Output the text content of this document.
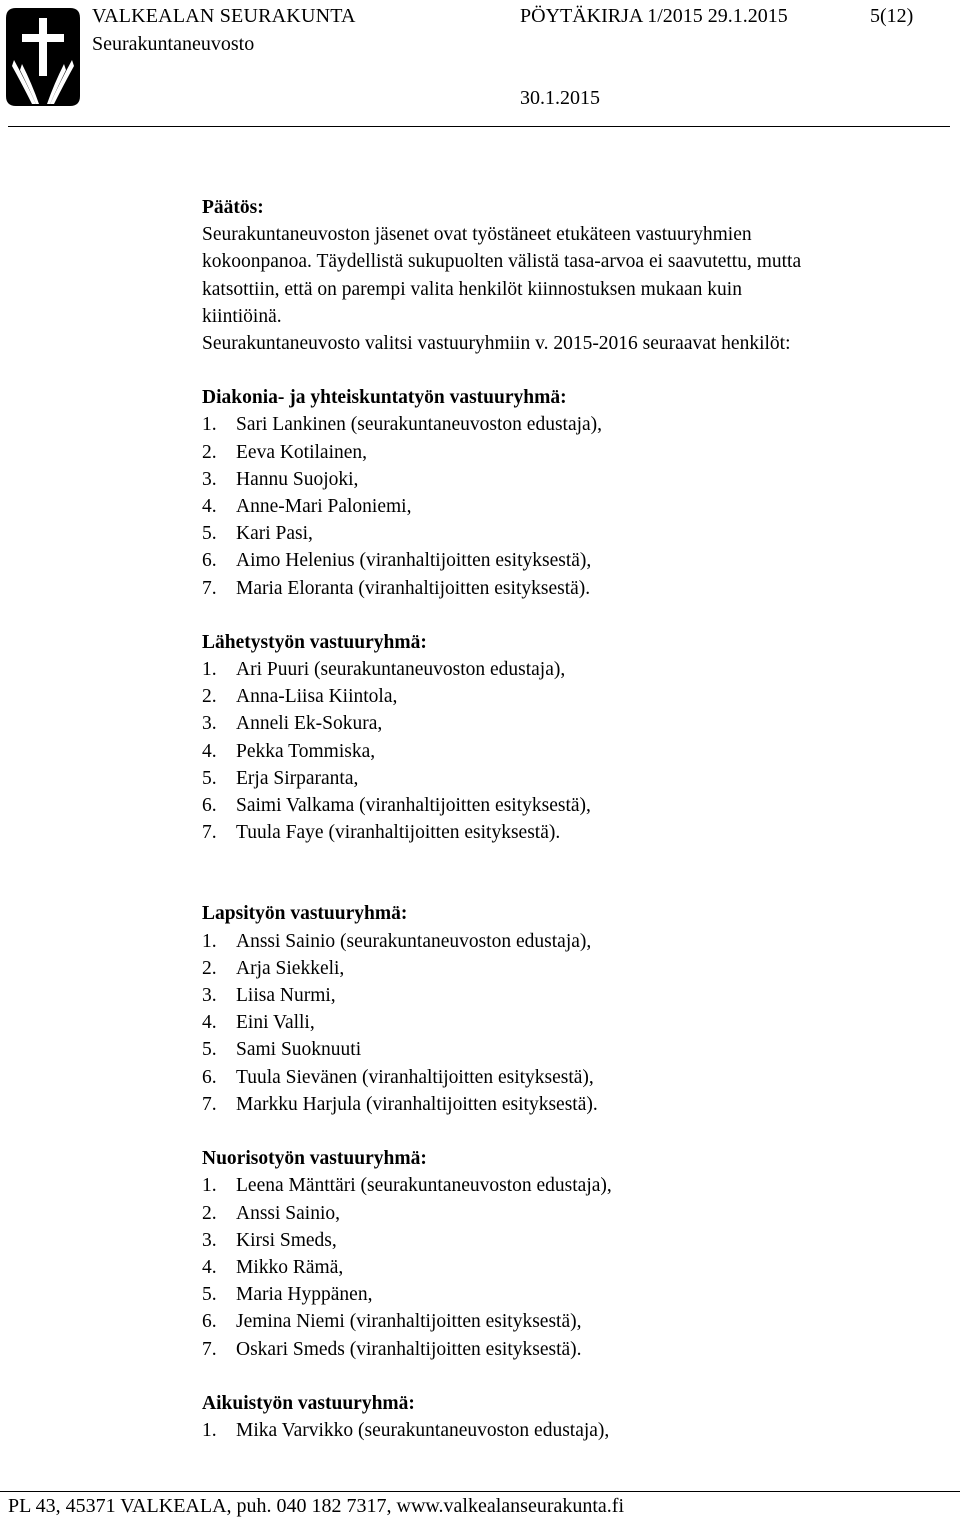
VALKEALAN SEURAKUNTA	PÖYTÄKIRJA 1/2015 29.1.2015	5(12)
Seurakuntaneuvosto
30.1.2015

Päätös:

Seurakuntaneuvoston jäsenet ovat työstäneet etukäteen vastuuryhmien

kokoonpanoa. Täydellistä sukupuolten välistä tasa-arvoa ei saavutettu, mutta

katsottiin, että on parempi valita henkilöt kiinnostuksen mukaan kuin

kiintiöinä.

Seurakuntaneuvosto valitsi vastuuryhmiin v. 2015-2016 seuraavat henkilöt:

Diakonia- ja yhteiskuntatyön vastuuryhmä:

1. Sari Lankinen (seurakuntaneuvoston edustaja),
2. Eeva Kotilainen,
3. Hannu Suojoki,
4. Anne-Mari Paloniemi,
5. Kari Pasi,
6. Aimo Helenius (viranhaltijoitten esityksestä),
7. Maria Eloranta (viranhaltijoitten esityksestä).

Lähetystyön vastuuryhmä:

1. Ari Puuri (seurakuntaneuvoston edustaja),
2. Anna-Liisa Kiintola,
3. Anneli Ek-Sokura,
4. Pekka Tommiska,
5. Erja Sirparanta,
6. Saimi Valkama (viranhaltijoitten esityksestä),
7. Tuula Faye (viranhaltijoitten esityksestä).

Lapsityön vastuuryhmä:

1. Anssi Sainio (seurakuntaneuvoston edustaja),
2. Arja Siekkeli,
3. Liisa Nurmi,
4. Eini Valli,
5. Sami Suoknuuti
6. Tuula Sievänen (viranhaltijoitten esityksestä),
7. Markku Harjula (viranhaltijoitten esityksestä).

Nuorisotyön vastuuryhmä:

1. Leena Mänttäri (seurakuntaneuvoston edustaja),
2. Anssi Sainio,
3. Kirsi Smeds,
4. Mikko Rämä,
5. Maria Hyppänen,
6. Jemina Niemi (viranhaltijoitten esityksestä),
7. Oskari Smeds (viranhaltijoitten esityksestä).

Aikuistyön vastuuryhmä:

1. Mika Varvikko (seurakuntaneuvoston edustaja),
PL 43, 45371 VALKEALA, puh. 040 182 7317, www.valkealanseurakunta.fi
